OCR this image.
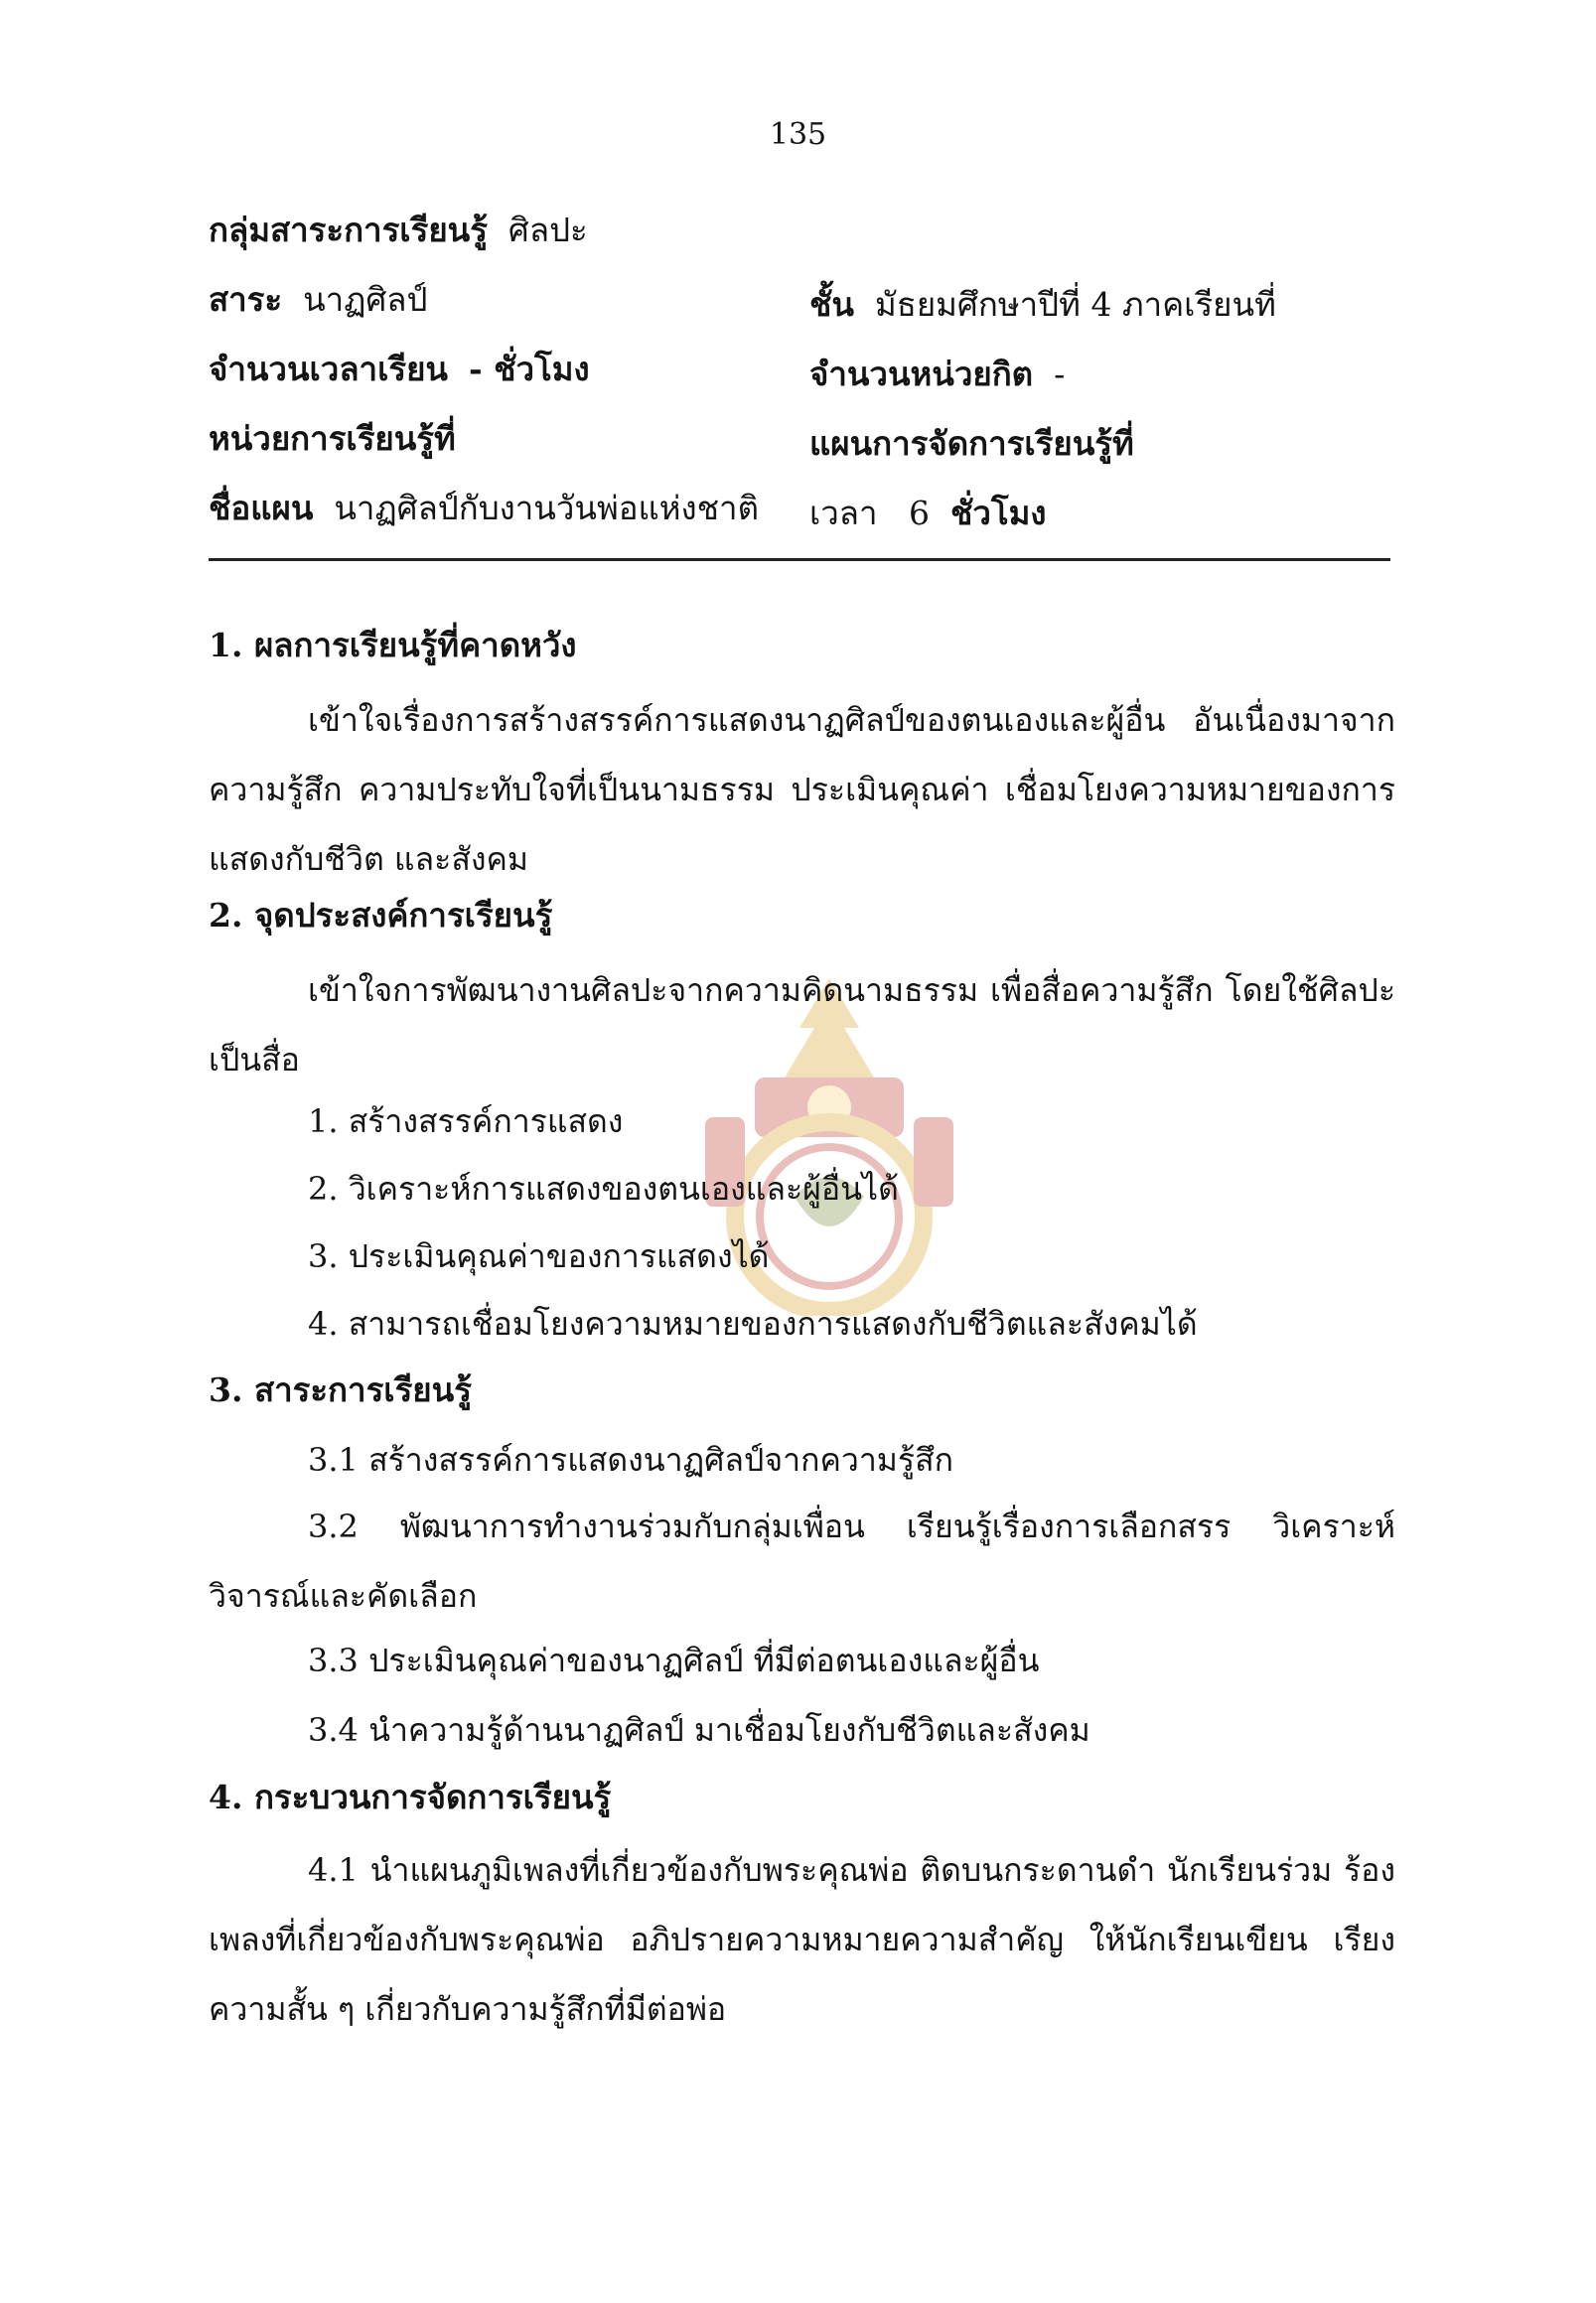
135
กลุ่มสาระการเรียนรู้ ศิลปะ
สาระ นาฏศิลป์	ชั้น มัธยมศึกษาปีที่ 4 ภาคเรียนที่
จำนวนเวลาเรียน - ชั่วโมง	จำนวนหน่วยกิต -
หน่วยการเรียนรู้ที่	แผนการจัดการเรียนรู้ที่
ชื่อแผน นาฏศิลป์กับงานวันพ่อแห่งชาติ เวลา 6 ชั่วโมง
1. ผลการเรียนรู้ที่คาดหวัง
เข้าใจเรื่องการสร้างสรรค์การแสดงนาฏศิลป์ของตนเองและผู้อื่น อันเนื่องมาจากความรู้สึก ความประทับใจที่เป็นนามธรรม ประเมินคุณค่า เชื่อมโยงความหมายของการแสดงกับชีวิต และสังคม
2. จุดประสงค์การเรียนรู้
เข้าใจการพัฒนางานศิลปะจากความคิดนามธรรม เพื่อสื่อความรู้สึก โดยใช้ศิลปะเป็นสื่อ
1. สร้างสรรค์การแสดง
2. วิเคราะห์การแสดงของตนเองและผู้อื่นได้
3. ประเมินคุณค่าของการแสดงได้
4. สามารถเชื่อมโยงความหมายของการแสดงกับชีวิตและสังคมได้
3. สาระการเรียนรู้
3.1 สร้างสรรค์การแสดงนาฏศิลป์จากความรู้สึก
3.2 พัฒนาการทำงานร่วมกับกลุ่มเพื่อน เรียนรู้เรื่องการเลือกสรร วิเคราะห์ วิจารณ์และคัดเลือก
3.3 ประเมินคุณค่าของนาฏศิลป์ ที่มีต่อตนเองและผู้อื่น
3.4 นำความรู้ด้านนาฏศิลป์ มาเชื่อมโยงกับชีวิตและสังคม
4. กระบวนการจัดการเรียนรู้
4.1 นำแผนภูมิเพลงที่เกี่ยวข้องกับพระคุณพ่อ ติดบนกระดานดำ นักเรียนร่วม ร้องเพลงที่เกี่ยวข้องกับพระคุณพ่อ อภิปรายความหมายความสำคัญ ให้นักเรียนเขียน เรียงความสั้น ๆ เกี่ยวกับความรู้สึกที่มีต่อพ่อ
